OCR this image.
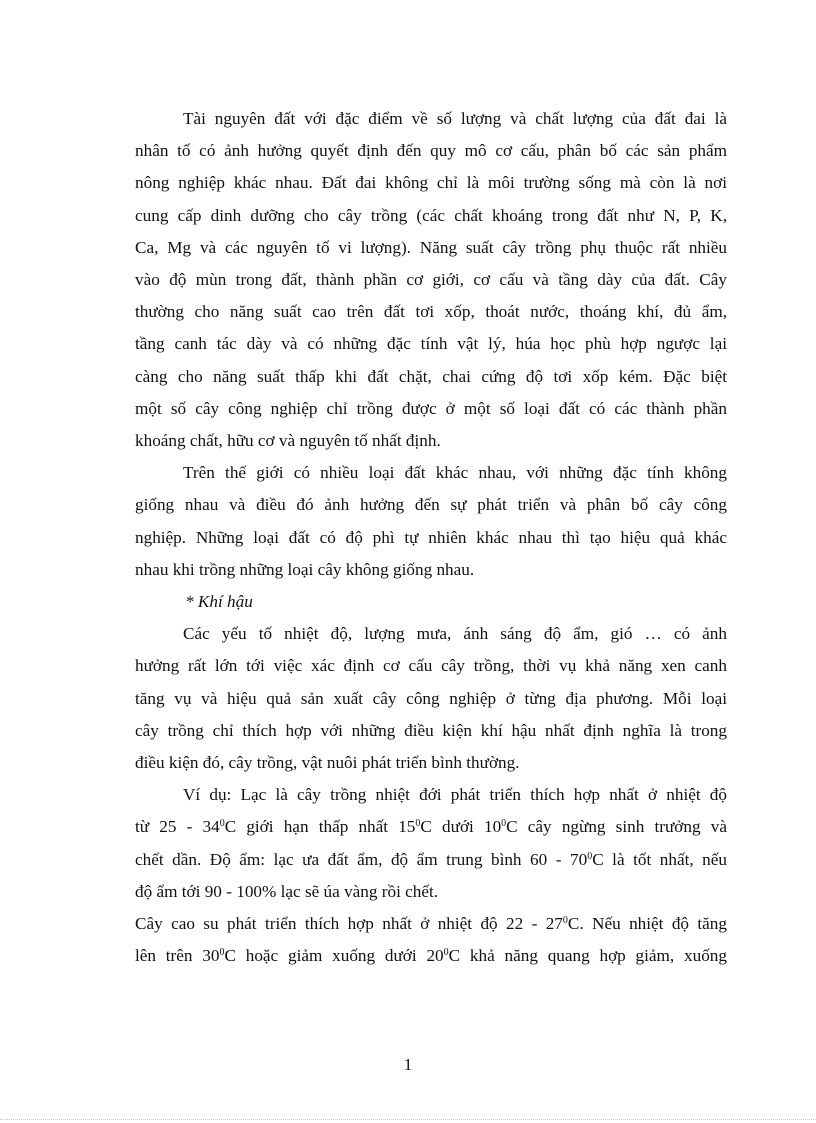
Tài nguyên đất với đặc điểm về số lượng và chất lượng của đất đai là
nhân tố có ảnh hưởng quyết định đến quy mô cơ cấu, phân bố các sản phẩm
nông nghiệp khác nhau. Đất đai không chỉ là môi trường sống mà còn là nơi
cung cấp dinh dưỡng cho cây trồng (các chất khoáng trong đất như N, P, K,
Ca, Mg và các nguyên tố vi lượng). Năng suất cây trồng phụ thuộc rất nhiều
vào độ mùn trong đất, thành phần cơ giới, cơ cấu và tầng dày của đất. Cây
thường cho năng suất cao trên đất tơi xốp, thoát nước, thoáng khí, đủ ẩm,
tầng canh tác dày và có những đặc tính vật lý, húa học phù hợp ngược lại
càng cho năng suất thấp khi đất chặt, chai cứng độ tơi xốp kém. Đặc biệt
một số cây công nghiệp chỉ trồng được ở một số loại đất có các thành phần
khoáng chất, hữu cơ và nguyên tố nhất định.

Trên thế giới có nhiều loại đất khác nhau, với những đặc tính không
giống nhau và điều đó ảnh hưởng đến sự phát triển và phân bố cây công
nghiệp. Những loại đất có độ phì tự nhiên khác nhau thì tạo hiệu quả khác
nhau khi trồng những loại cây không giống nhau.

* Khí hậu

Các yếu tố nhiệt độ, lượng mưa, ánh sáng độ ẩm, gió … có ảnh
hưởng rất lớn tới việc xác định cơ cấu cây trồng, thời vụ khả năng xen canh
tăng vụ và hiệu quả sản xuất cây công nghiệp ở từng địa phương. Mỗi loại
cây trồng chỉ thích hợp với những điều kiện khí hậu nhất định nghĩa là trong
điều kiện đó, cây trồng, vật nuôi phát triển bình thường.

Ví dụ: Lạc là cây trồng nhiệt đới phát triển thích hợp nhất ở nhiệt độ
từ $25 - 34^0C$ giới hạn thấp nhất $15^0C$ dưới $10^0C$ cây ngừng sinh trưởng và
chết dần. Độ ẩm: lạc ưa đất ẩm, độ ẩm trung bình $60 - 70^0C$ là tốt nhất, nếu
độ ẩm tới 90 - 100% lạc sẽ úa vàng rồi chết.

Cây cao su phát triển thích hợp nhất ở nhiệt độ $22 - 27^0C$. Nếu nhiệt độ tăng
lên trên $30^0C$ hoặc giảm xuống dưới $20^0C$ khả năng quang hợp giảm, xuống

1
